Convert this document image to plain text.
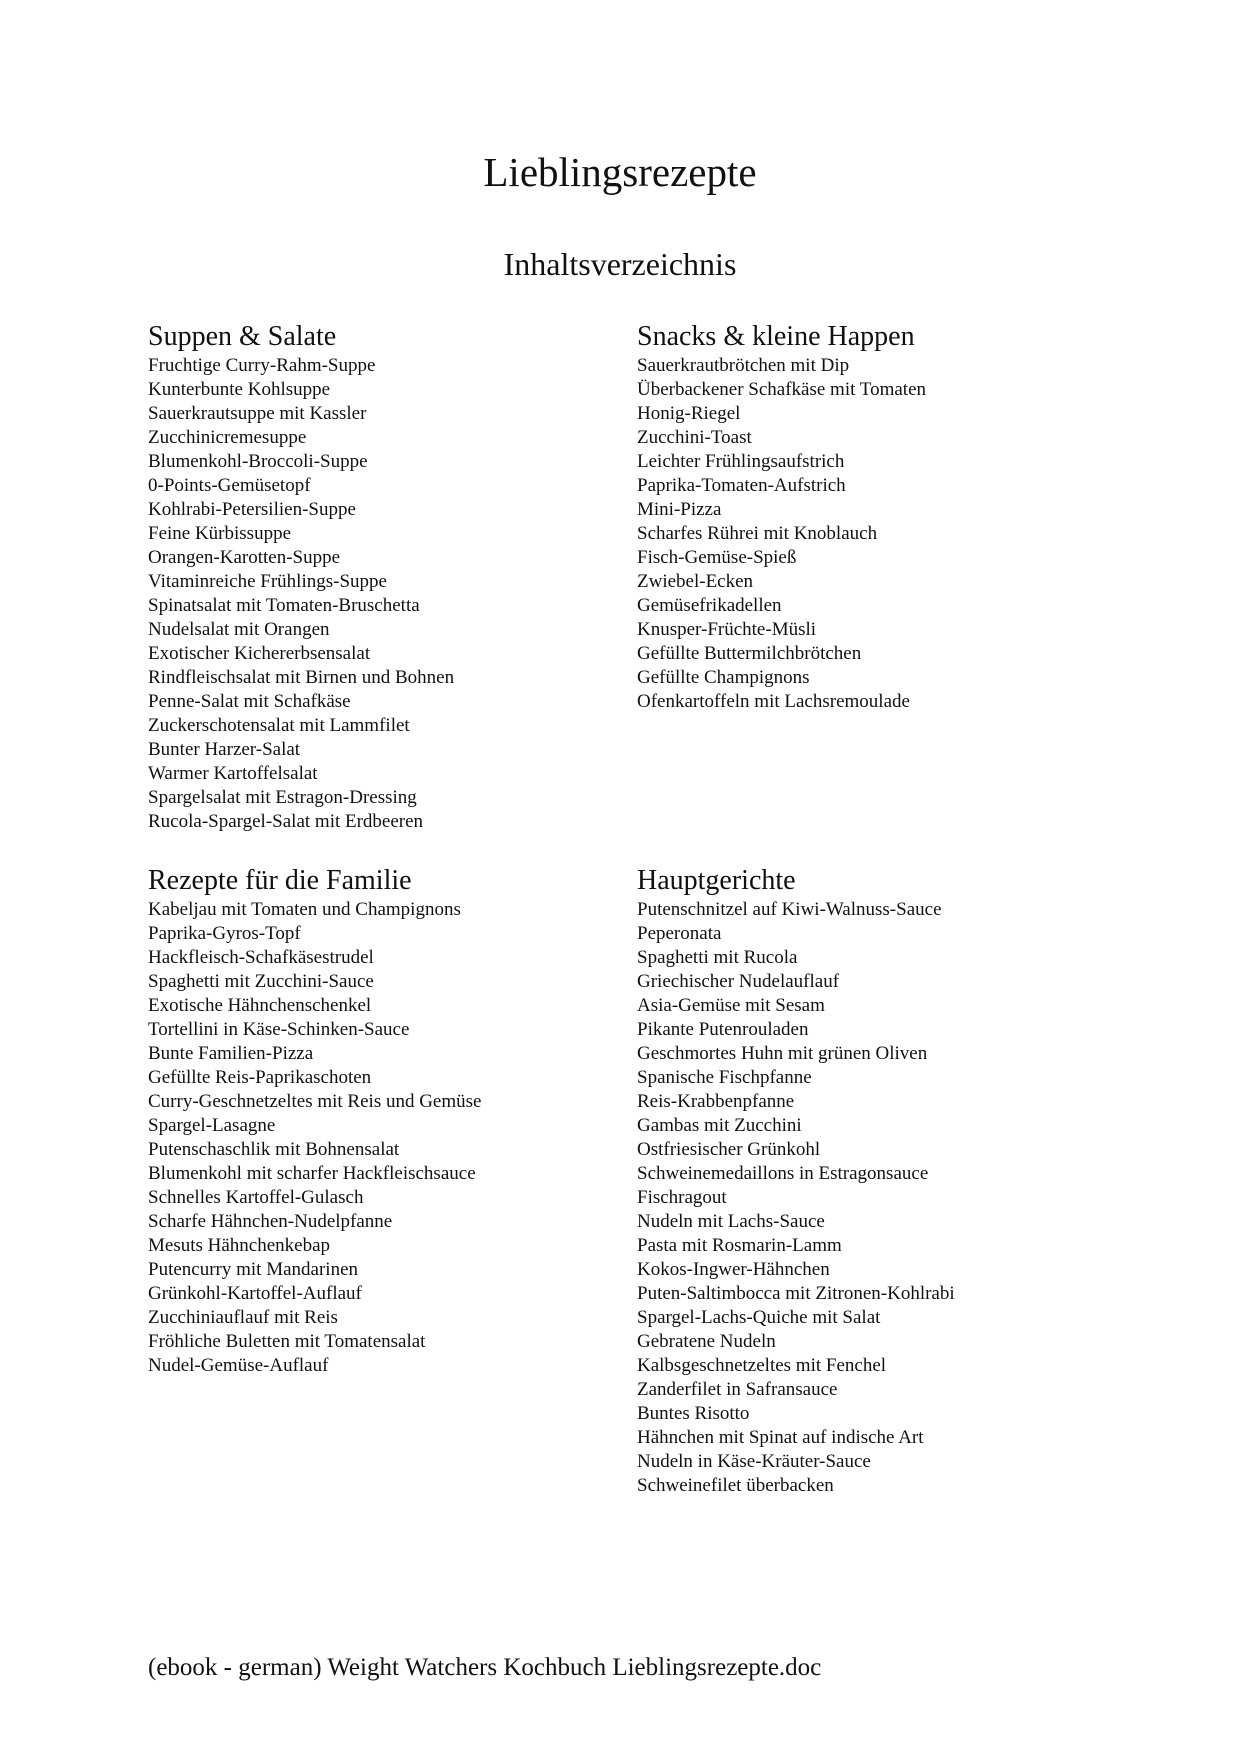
Lieblingsrezepte
Inhaltsverzeichnis
Suppen & Salate
Fruchtige Curry-Rahm-Suppe
Kunterbunte Kohlsuppe
Sauerkrautsuppe mit Kassler
Zucchinicremesuppe
Blumenkohl-Broccoli-Suppe
0-Points-Gemüsetopf
Kohlrabi-Petersilien-Suppe
Feine Kürbissuppe
Orangen-Karotten-Suppe
Vitaminreiche Frühlings-Suppe
Spinatsalat mit Tomaten-Bruschetta
Nudelsalat mit Orangen
Exotischer Kichererbsensalat
Rindfleischsalat mit Birnen und Bohnen
Penne-Salat mit Schafkäse
Zuckerschotensalat mit Lammfilet
Bunter Harzer-Salat
Warmer Kartoffelsalat
Spargelsalat mit Estragon-Dressing
Rucola-Spargel-Salat mit Erdbeeren
Snacks & kleine Happen
Sauerkrautbrötchen mit Dip
Überbackener Schafkäse mit Tomaten
Honig-Riegel
Zucchini-Toast
Leichter Frühlingsaufstrich
Paprika-Tomaten-Aufstrich
Mini-Pizza
Scharfes Rührei mit Knoblauch
Fisch-Gemüse-Spieß
Zwiebel-Ecken
Gemüsefrikadellen
Knusper-Früchte-Müsli
Gefüllte Buttermilchbrötchen
Gefüllte Champignons
Ofenkartoffeln mit Lachsremoulade
Rezepte für die Familie
Kabeljau mit Tomaten und Champignons
Paprika-Gyros-Topf
Hackfleisch-Schafkäsestrudel
Spaghetti mit Zucchini-Sauce
Exotische Hähnchenschenkel
Tortellini in Käse-Schinken-Sauce
Bunte Familien-Pizza
Gefüllte Reis-Paprikaschoten
Curry-Geschnetzeltes mit Reis und Gemüse
Spargel-Lasagne
Putenschaschlik mit Bohnensalat
Blumenkohl mit scharfer Hackfleischsauce
Schnelles Kartoffel-Gulasch
Scharfe Hähnchen-Nudelpfanne
Mesuts Hähnchenkebap
Putencurry mit Mandarinen
Grünkohl-Kartoffel-Auflauf
Zucchiniauflauf mit Reis
Fröhliche Buletten mit Tomatensalat
Nudel-Gemüse-Auflauf
Hauptgerichte
Putenschnitzel auf Kiwi-Walnuss-Sauce
Peperonata
Spaghetti mit Rucola
Griechischer Nudelauflauf
Asia-Gemüse mit Sesam
Pikante Putenrouladen
Geschmortes Huhn mit grünen Oliven
Spanische Fischpfanne
Reis-Krabbenpfanne
Gambas mit Zucchini
Ostfriesischer Grünkohl
Schweinemedaillons in Estragonsauce
Fischragout
Nudeln mit Lachs-Sauce
Pasta mit Rosmarin-Lamm
Kokos-Ingwer-Hähnchen
Puten-Saltimbocca mit Zitronen-Kohlrabi
Spargel-Lachs-Quiche mit Salat
Gebratene Nudeln
Kalbsgeschnetzeltes mit Fenchel
Zanderfilet in Safransauce
Buntes Risotto
Hähnchen mit Spinat auf indische Art
Nudeln in Käse-Kräuter-Sauce
Schweinefilet überbacken

(ebook - german) Weight Watchers Kochbuch Lieblingsrezepte.doc
